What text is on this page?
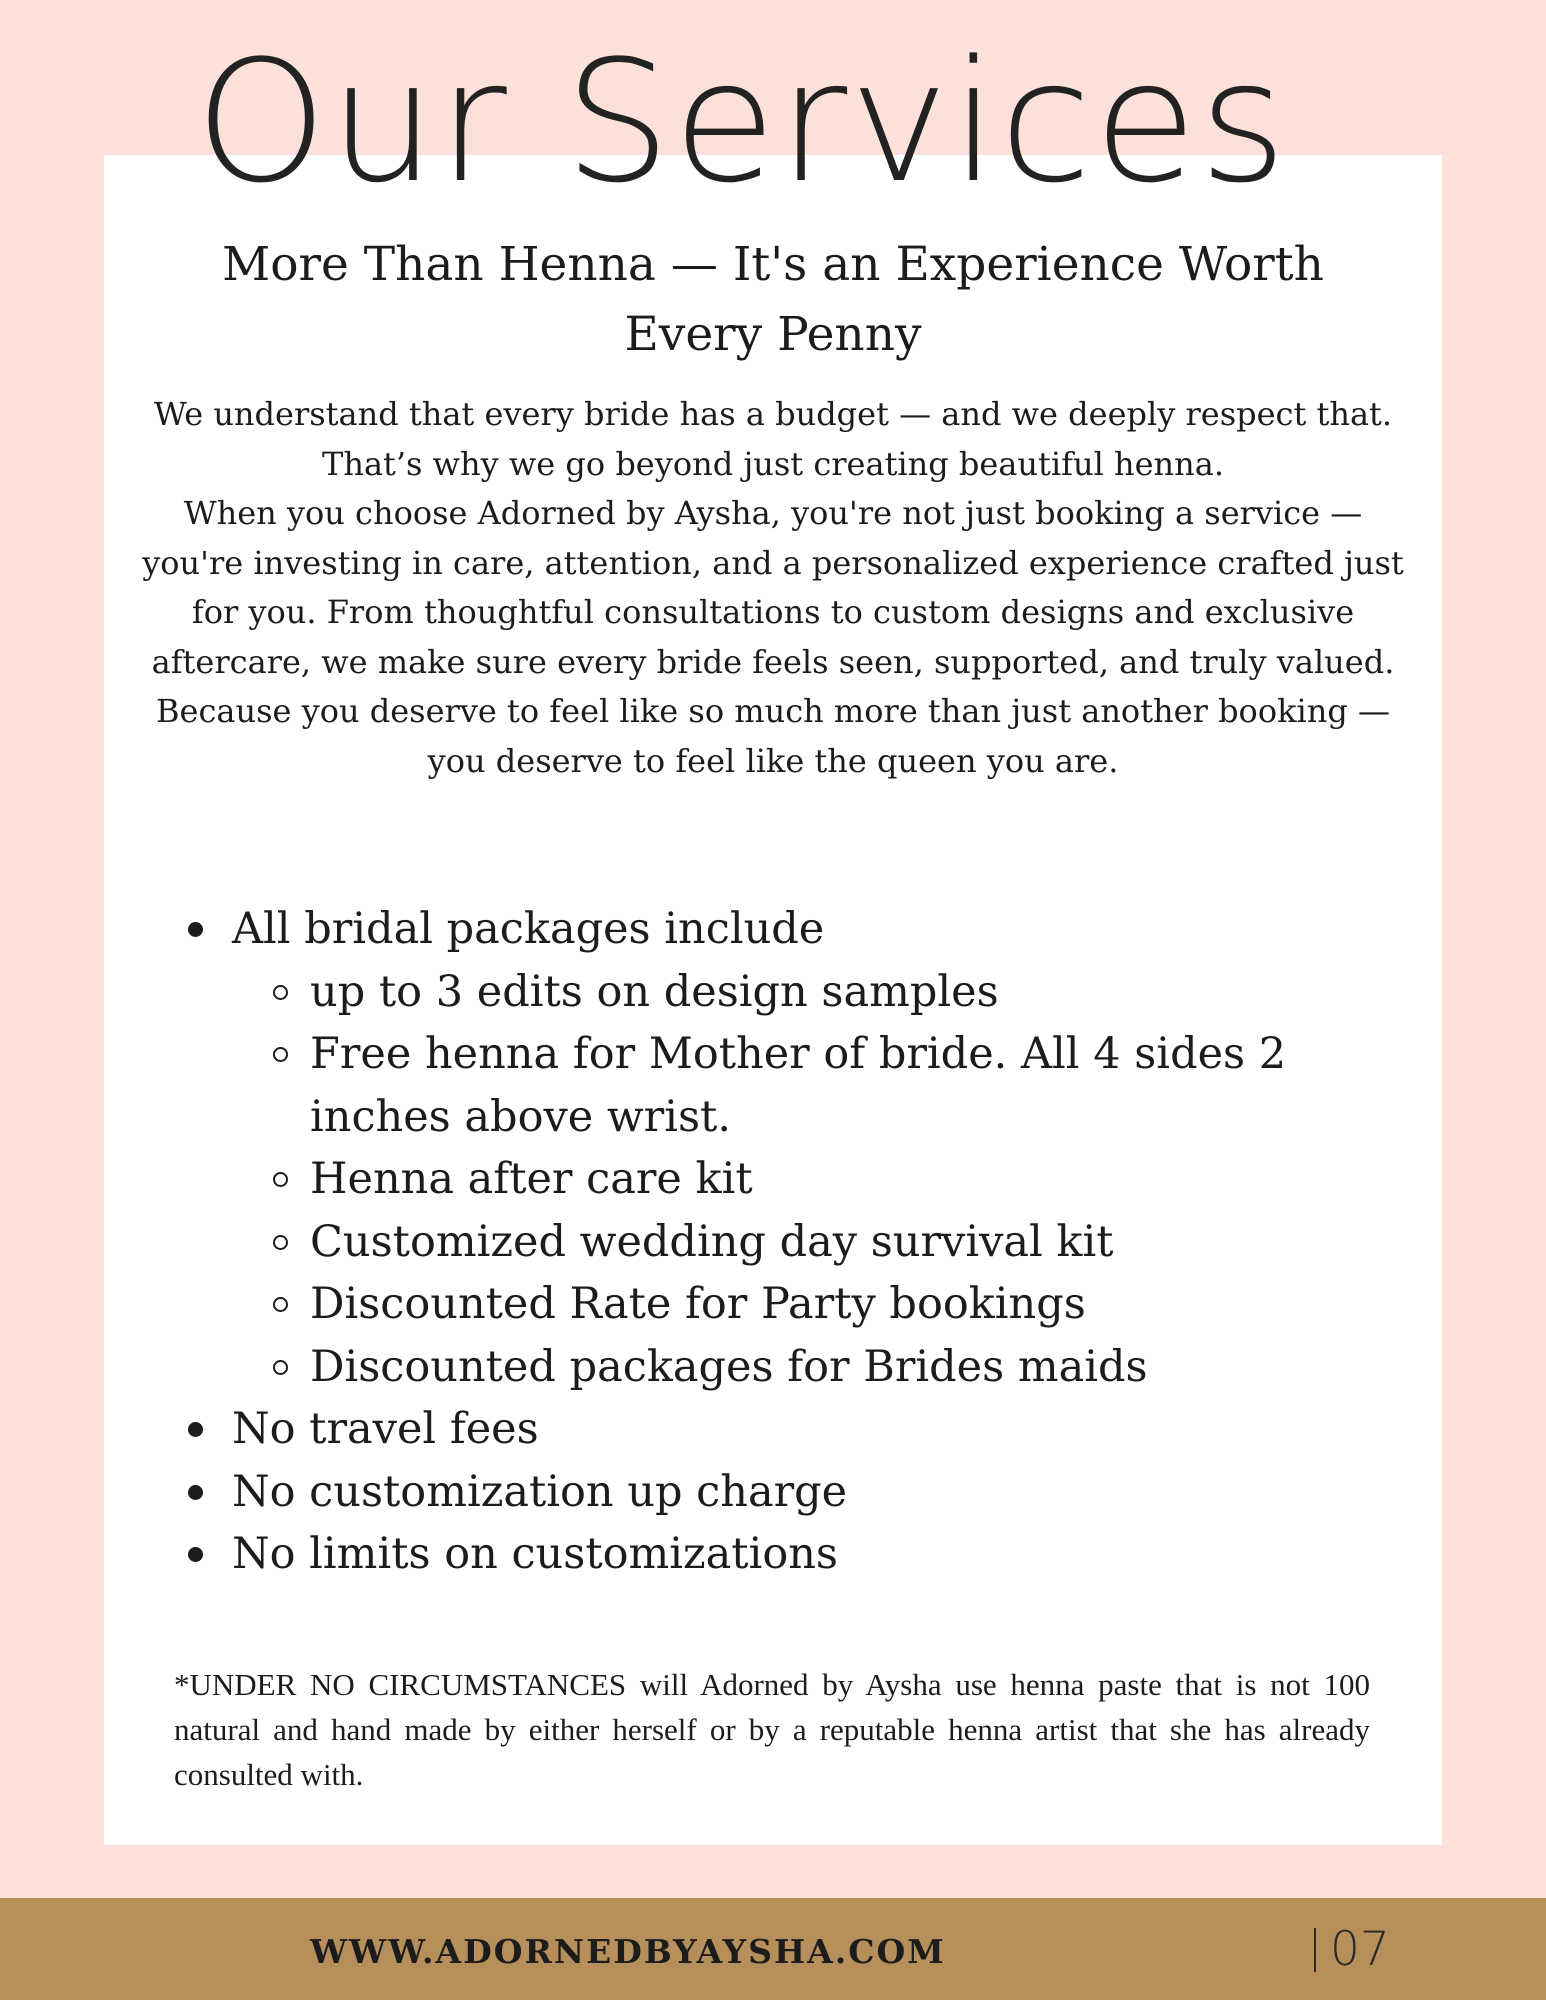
Our Services
More Than Henna — It's an Experience Worth Every Penny

We understand that every bride has a budget — and we deeply respect that. That’s why we go beyond just creating beautiful henna.

When you choose Adorned by Aysha, you're not just booking a service — you're investing in care, attention, and a personalized experience crafted just for you. From thoughtful consultations to custom designs and exclusive aftercare, we make sure every bride feels seen, supported, and truly valued.

Because you deserve to feel like so much more than just another booking — you deserve to feel like the queen you are.

All bridal packages include
up to 3 edits on design samples
Free henna for Mother of bride. All 4 sides 2 inches above wrist.
Henna after care kit
Customized wedding day survival kit
Discounted Rate for Party bookings
Discounted packages for Brides maids
No travel fees
No customization up charge
No limits on customizations

*UNDER NO CIRCUMSTANCES will Adorned by Aysha use henna paste that is not 100 natural and hand made by either herself or by a reputable henna artist that she has already consulted with.

WWW.ADORNEDBYAYSHA.COM	07
